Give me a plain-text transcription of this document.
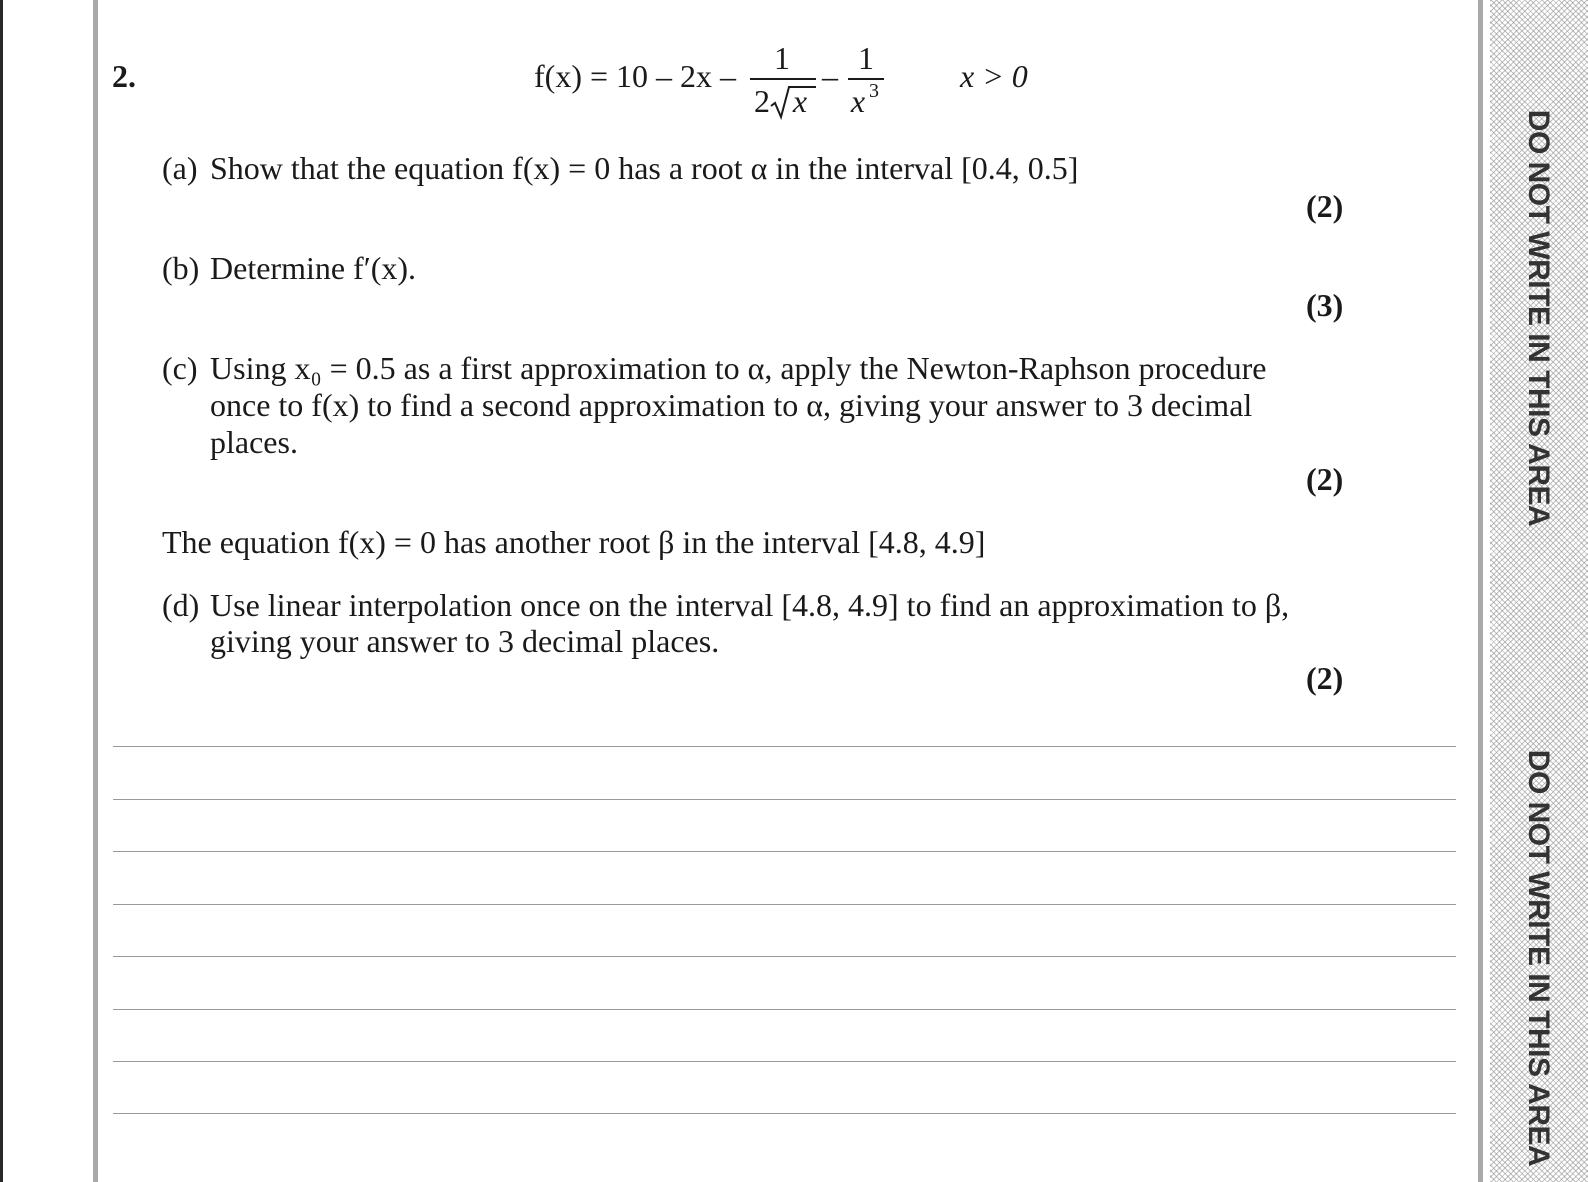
DO NOT WRITE IN THIS AREA
DO NOT WRITE IN THIS AREA
2.	f(x) = 10 – 2x – 1
2 x
– 1
x 3	x > 0
(a) Show that the equation f(x) = 0 has a root α in the interval [0.4, 0.5]
(2)
(b) Determine f′(x).
(3)
(c) Using x₀ = 0.5 as a first approximation to α, apply the Newton-Raphson procedure
once to f(x) to find a second approximation to α, giving your answer to 3 decimal
places.
(2)
The equation f(x) = 0 has another root β in the interval [4.8, 4.9]
(d) Use linear interpolation once on the interval [4.8, 4.9] to find an approximation to β,
giving your answer to 3 decimal places.
(2)
